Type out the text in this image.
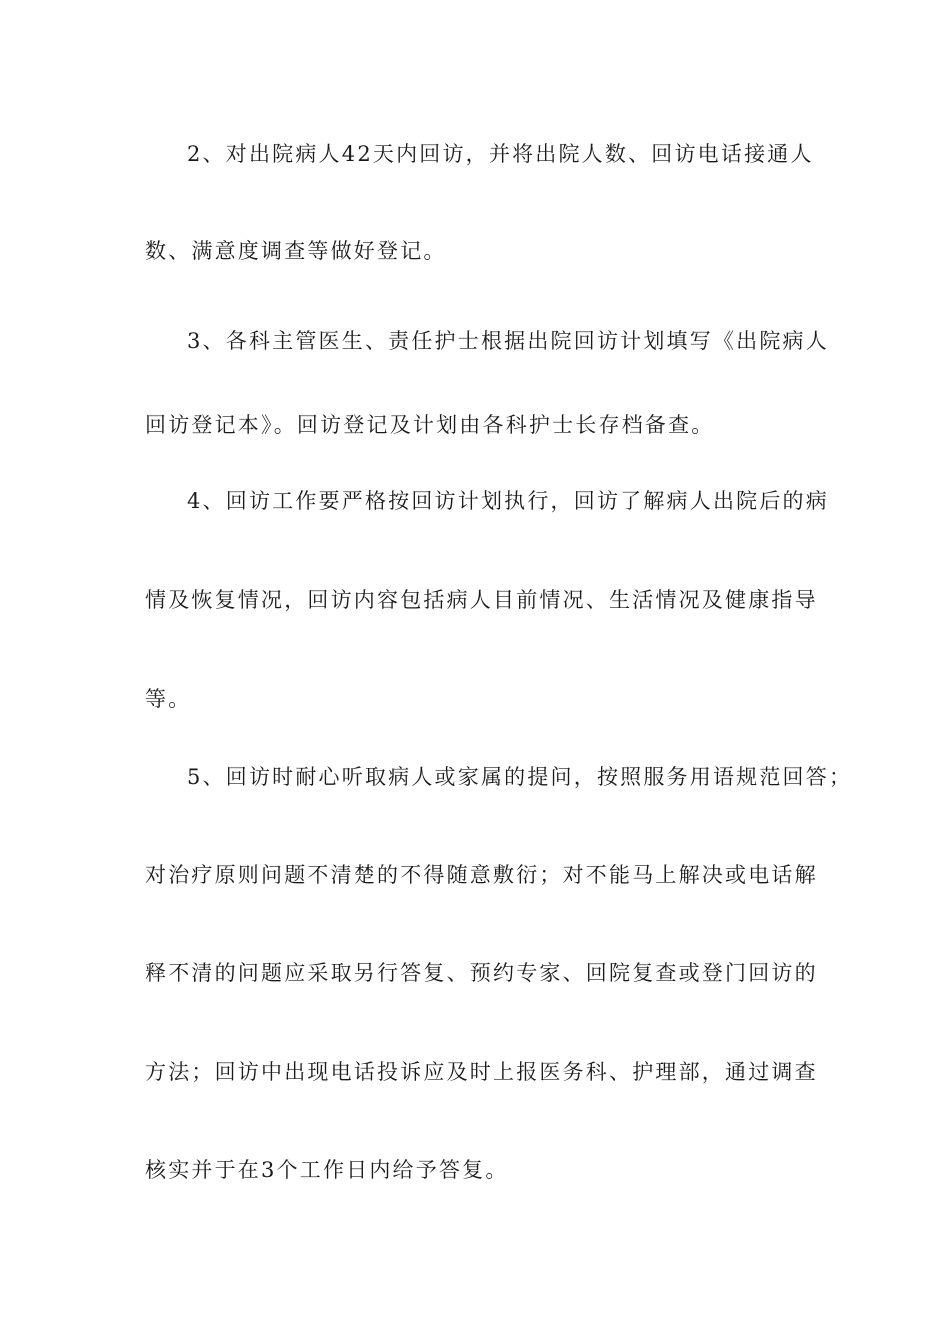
2、对出院病人42天内回访，并将出院人数、回访电话接通人
数、满意度调查等做好登记。
3、各科主管医生、责任护士根据出院回访计划填写《出院病人
回访登记本》。回访登记及计划由各科护士长存档备查。
4、回访工作要严格按回访计划执行，回访了解病人出院后的病
情及恢复情况，回访内容包括病人目前情况、生活情况及健康指导
等。
5、回访时耐心听取病人或家属的提问，按照服务用语规范回答；
对治疗原则问题不清楚的不得随意敷衍；对不能马上解决或电话解
释不清的问题应采取另行答复、预约专家、回院复查或登门回访的
方法；回访中出现电话投诉应及时上报医务科、护理部，通过调查
核实并于在3个工作日内给予答复。
